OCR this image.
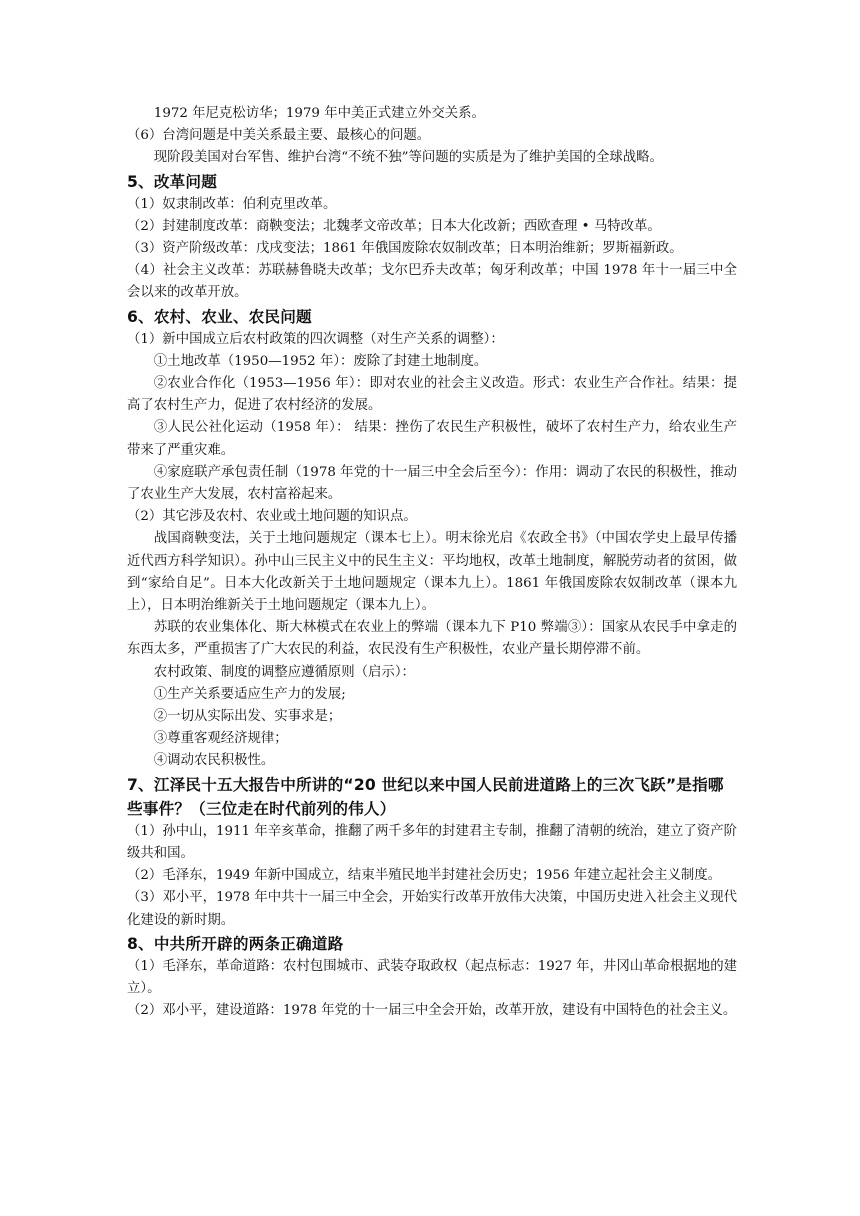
1972 年尼克松访华；1979 年中美正式建立外交关系。

（6）台湾问题是中美关系最主要、最核心的问题。

现阶段美国对台军售、维护台湾“不统不独”等问题的实质是为了维护美国的全球战略。

5、改革问题

（1）奴隶制改革：伯利克里改革。

（2）封建制度改革：商鞅变法；北魏孝文帝改革；日本大化改新；西欧查理 • 马特改革。

（3）资产阶级改革：戊戌变法；1861 年俄国废除农奴制改革；日本明治维新；罗斯福新政。

（4）社会主义改革：苏联赫鲁晓夫改革；戈尔巴乔夫改革；匈牙利改革；中国 1978 年十一届三中全会以来的改革开放。

6、农村、农业、农民问题

（1）新中国成立后农村政策的四次调整（对生产关系的调整）：

①土地改革（1950—1952 年）：废除了封建土地制度。

②农业合作化（1953—1956 年）：即对农业的社会主义改造。形式：农业生产合作社。结果：提高了农村生产力，促进了农村经济的发展。

③人民公社化运动（1958 年）： 结果：挫伤了农民生产积极性，破坏了农村生产力，给农业生产带来了严重灾难。

④家庭联产承包责任制（1978 年党的十一届三中全会后至今）：作用：调动了农民的积极性，推动了农业生产大发展，农村富裕起来。

（2）其它涉及农村、农业或土地问题的知识点。

战国商鞅变法，关于土地问题规定（课本七上）。明末徐光启《农政全书》（中国农学史上最早传播近代西方科学知识）。孙中山三民主义中的民生主义：平均地权，改革土地制度，解脱劳动者的贫困，做到“家给自足”。日本大化改新关于土地问题规定（课本九上）。1861 年俄国废除农奴制改革（课本九上），日本明治维新关于土地问题规定（课本九上）。

苏联的农业集体化、斯大林模式在农业上的弊端（课本九下 P10 弊端③）：国家从农民手中拿走的东西太多，严重损害了广大农民的利益，农民没有生产积极性，农业产量长期停滞不前。

农村政策、制度的调整应遵循原则（启示）：

①生产关系要适应生产力的发展;

②一切从实际出发、实事求是；

③尊重客观经济规律；

④调动农民积极性。

7、江泽民十五大报告中所讲的“20 世纪以来中国人民前进道路上的三次飞跃”是指哪些事件？（三位走在时代前列的伟人）

（1）孙中山，1911 年辛亥革命，推翻了两千多年的封建君主专制，推翻了清朝的统治，建立了资产阶级共和国。

（2）毛泽东，1949 年新中国成立，结束半殖民地半封建社会历史；1956 年建立起社会主义制度。

（3）邓小平，1978 年中共十一届三中全会，开始实行改革开放伟大决策，中国历史进入社会主义现代化建设的新时期。

8、中共所开辟的两条正确道路

（1）毛泽东，革命道路：农村包围城市、武装夺取政权（起点标志：1927 年，井冈山革命根据地的建立）。

（2）邓小平，建设道路：1978 年党的十一届三中全会开始，改革开放，建设有中国特色的社会主义。
